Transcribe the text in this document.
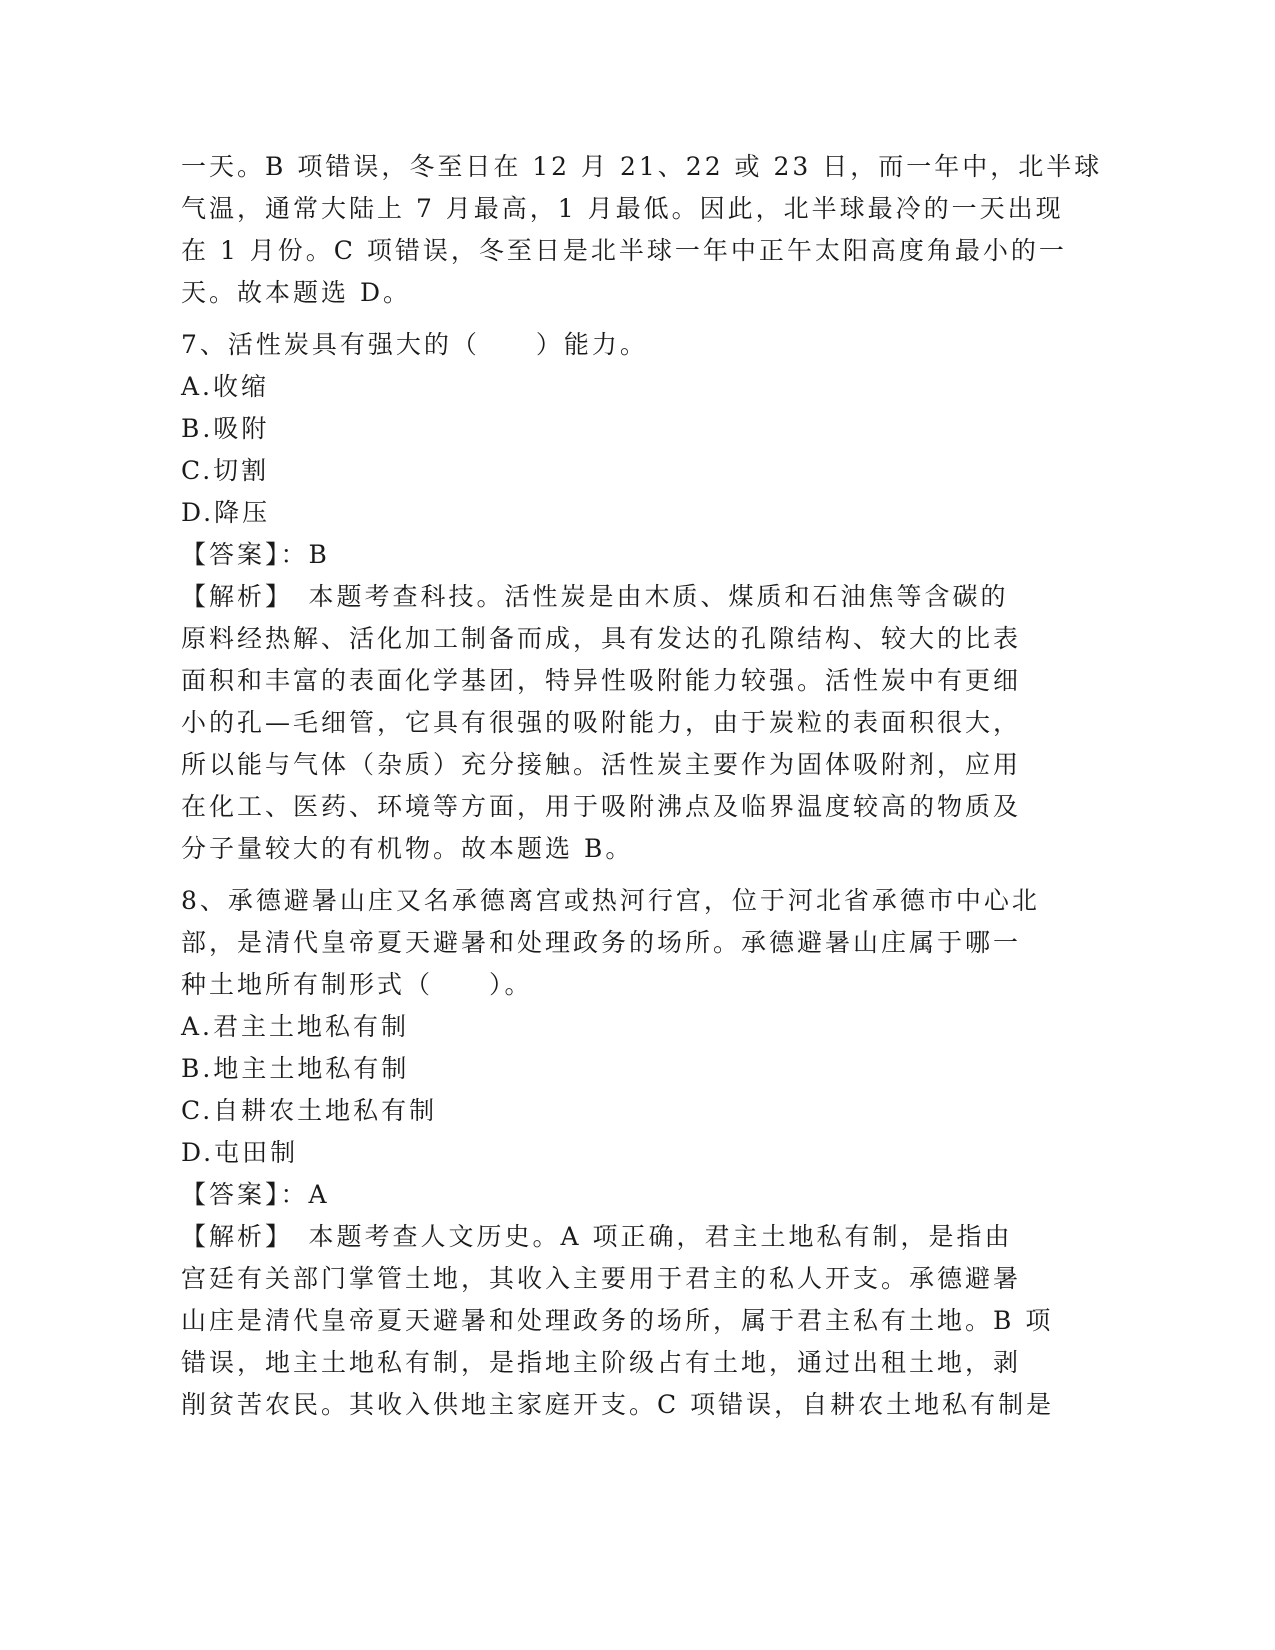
一天。B 项错误，冬至日在 12 月 21、22 或 23 日，而一年中，北半球
气温，通常大陆上 7 月最高，1 月最低。因此，北半球最冷的一天出现
在 1 月份。C 项错误，冬至日是北半球一年中正午太阳高度角最小的一
天。故本题选 D。
7、活性炭具有强大的（　　）能力。
A.收缩
B.吸附
C.切割
D.降压
【答案】：B
【解析】　本题考查科技。活性炭是由木质、煤质和石油焦等含碳的
原料经热解、活化加工制备而成，具有发达的孔隙结构、较大的比表
面积和丰富的表面化学基团，特异性吸附能力较强。活性炭中有更细
小的孔—毛细管，它具有很强的吸附能力，由于炭粒的表面积很大，
所以能与气体（杂质）充分接触。活性炭主要作为固体吸附剂，应用
在化工、医药、环境等方面，用于吸附沸点及临界温度较高的物质及
分子量较大的有机物。故本题选 B。
8、承德避暑山庄又名承德离宫或热河行宫，位于河北省承德市中心北
部，是清代皇帝夏天避暑和处理政务的场所。承德避暑山庄属于哪一
种土地所有制形式（　　）。
A.君主土地私有制
B.地主土地私有制
C.自耕农土地私有制
D.屯田制
【答案】：A
【解析】　本题考查人文历史。A 项正确，君主土地私有制，是指由
宫廷有关部门掌管土地，其收入主要用于君主的私人开支。承德避暑
山庄是清代皇帝夏天避暑和处理政务的场所，属于君主私有土地。B 项
错误，地主土地私有制，是指地主阶级占有土地，通过出租土地，剥
削贫苦农民。其收入供地主家庭开支。C 项错误，自耕农土地私有制是
